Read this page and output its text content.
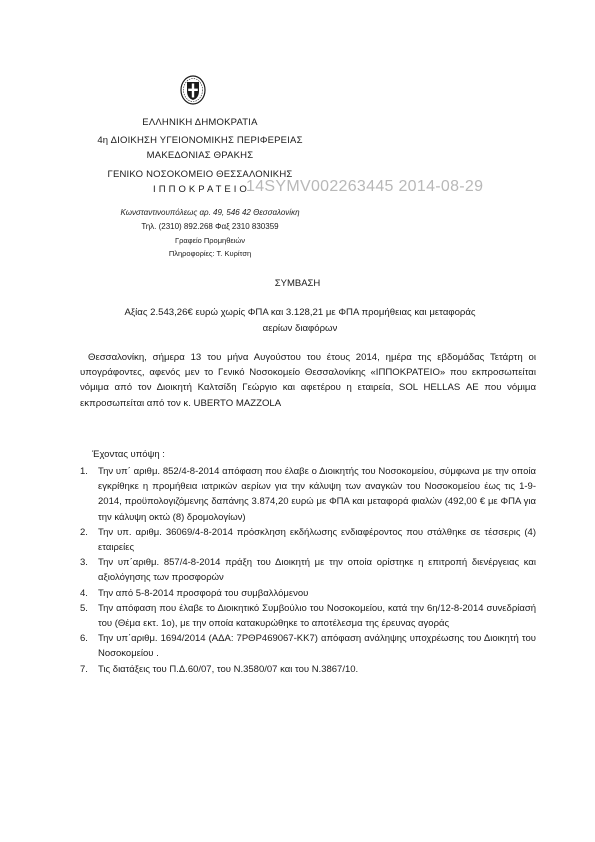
ΕΛΛΗΝΙΚΗ ΔΗΜΟΚΡΑΤΙΑ
4η ΔΙΟΙΚΗΣΗ ΥΓΕΙΟΝΟΜΙΚΗΣ ΠΕΡΙΦΕΡΕΙΑΣ
ΜΑΚΕΔΟΝΙΑΣ ΘΡΑΚΗΣ
ΓΕΝΙΚΟ ΝΟΣΟΚΟΜΕΙΟ ΘΕΣΣΑΛΟΝΙΚΗΣ
Ι Π Π Ο Κ Ρ Α Τ Ε Ι Ο 14SYMV002263445 2014-08-29
Κωνσταντινουπόλεως αρ. 49, 546 42 Θεσσαλονίκη
Τηλ. (2310) 892.268 Φαξ 2310 830359
Γραφείο Προμηθειών
Πληροφορίες: Τ. Κυρίτση
ΣΥΜΒΑΣΗ
Αξίας 2.543,26€ ευρώ χωρίς ΦΠΑ και 3.128,21 με ΦΠΑ προμήθειας και μεταφοράς
αερίων διαφόρων
Θεσσαλονίκη, σήμερα 13 του μήνα Αυγούστου του έτους 2014, ημέρα της εβδομάδας Τετάρτη οι υπογράφοντες, αφενός μεν το Γενικό Νοσοκομείο Θεσσαλονίκης «ΙΠΠΟΚΡΑΤΕΙΟ» που εκπροσωπείται νόμιμα από τον Διοικητή Καλτσίδη Γεώργιο και αφετέρου η εταιρεία, SOL HELLAS ΑΕ που νόμιμα εκπροσωπείται από τον κ. UBERTO MAZZOLA
Έχοντας υπόψη :
1.	Την υπ΄ αριθμ. 852/4-8-2014 απόφαση που έλαβε ο Διοικητής του Νοσοκομείου, σύμφωνα με την οποία εγκρίθηκε η προμήθεια ιατρικών αερίων για την κάλυψη των αναγκών του Νοσοκομείου έως τις 1-9-2014, προϋπολογιζόμενης δαπάνης 3.874,20 ευρώ με ΦΠΑ και μεταφορά φιαλών (492,00 € με ΦΠΑ για την κάλυψη οκτώ (8) δρομολογίων)
2.	Την υπ. αριθμ. 36069/4-8-2014 πρόσκληση εκδήλωσης ενδιαφέροντος που στάλθηκε σε τέσσερις (4) εταιρείες
3.	Την υπ΄αριθμ. 857/4-8-2014 πράξη του Διοικητή με την οποία ορίστηκε η επιτροπή διενέργειας και αξιολόγησης των προσφορών
4.	Την από 5-8-2014 προσφορά του συμβαλλόμενου
5.	Την απόφαση που έλαβε το Διοικητικό Συμβούλιο του Νοσοκομείου, κατά την 6η/12-8-2014 συνεδρίασή του (Θέμα εκτ. 1ο), με την οποία κατακυρώθηκε το αποτέλεσμα της έρευνας αγοράς
6.	Την υπ΄αριθμ. 1694/2014 (ΑΔΑ: 7ΡΘΡ469067-ΚΚ7) απόφαση ανάληψης υποχρέωσης του Διοικητή του Νοσοκομείου .
7.	Τις διατάξεις του Π.Δ.60/07, του Ν.3580/07 και του Ν.3867/10.
